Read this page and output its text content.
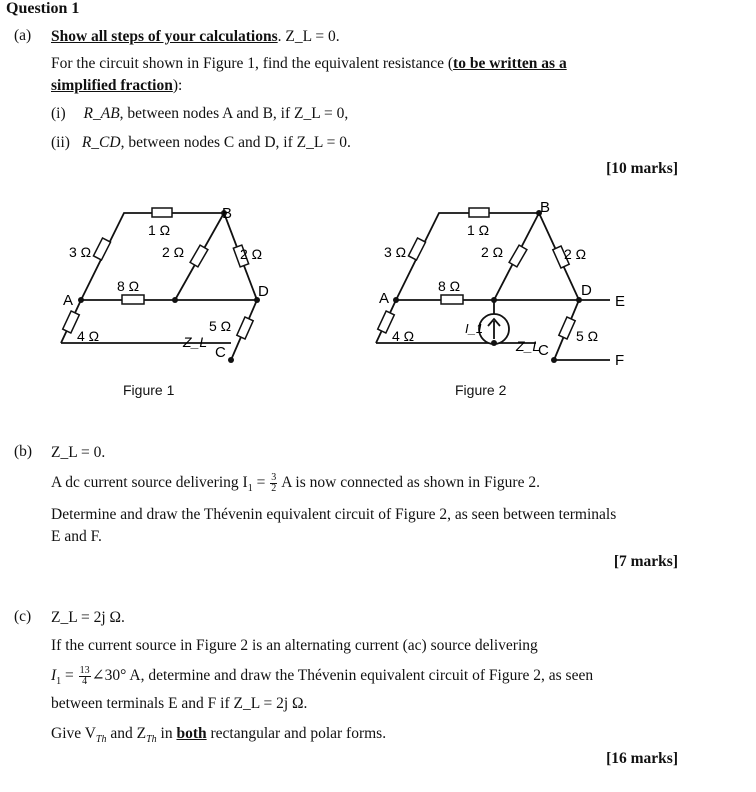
Question 1
(a) Show all steps of your calculations. Z_L = 0.
For the circuit shown in Figure 1, find the equivalent resistance (to be written as a
simplified fraction):
(i) R_AB, between nodes A and B, if Z_L = 0,
(ii) R_CD, between nodes C and D, if Z_L = 0.
[10 marks]
1 Ω
3 Ω	2 Ω	2 Ω
8 Ω
4 Ω
5 Ω
Z_L
A
B
C
D
Figure 1
1 Ω
3 Ω	2 Ω	2 Ω
8 Ω
4 Ω	5 Ω
Z_L
I_1
A
B
C
D
E
F
Figure 2
(b) Z_L = 0.
A dc current source delivering $I_1 = \frac{3}{2}$ A is now connected as shown in Figure 2.
Determine and draw the Thévenin equivalent circuit of Figure 2, as seen between terminals
E and F.
[7 marks]
(c) Z_L = 2j Ω.
If the current source in Figure 2 is an alternating current (ac) source delivering
$I_1 = \frac{13}{4}$ ∠30° A, determine and draw the Thévenin equivalent circuit of Figure 2, as seen
between terminals E and F if Z_L = 2j Ω.
Give $V_{Th}$ and $Z_{Th}$ in both rectangular and polar forms.
[16 marks]
